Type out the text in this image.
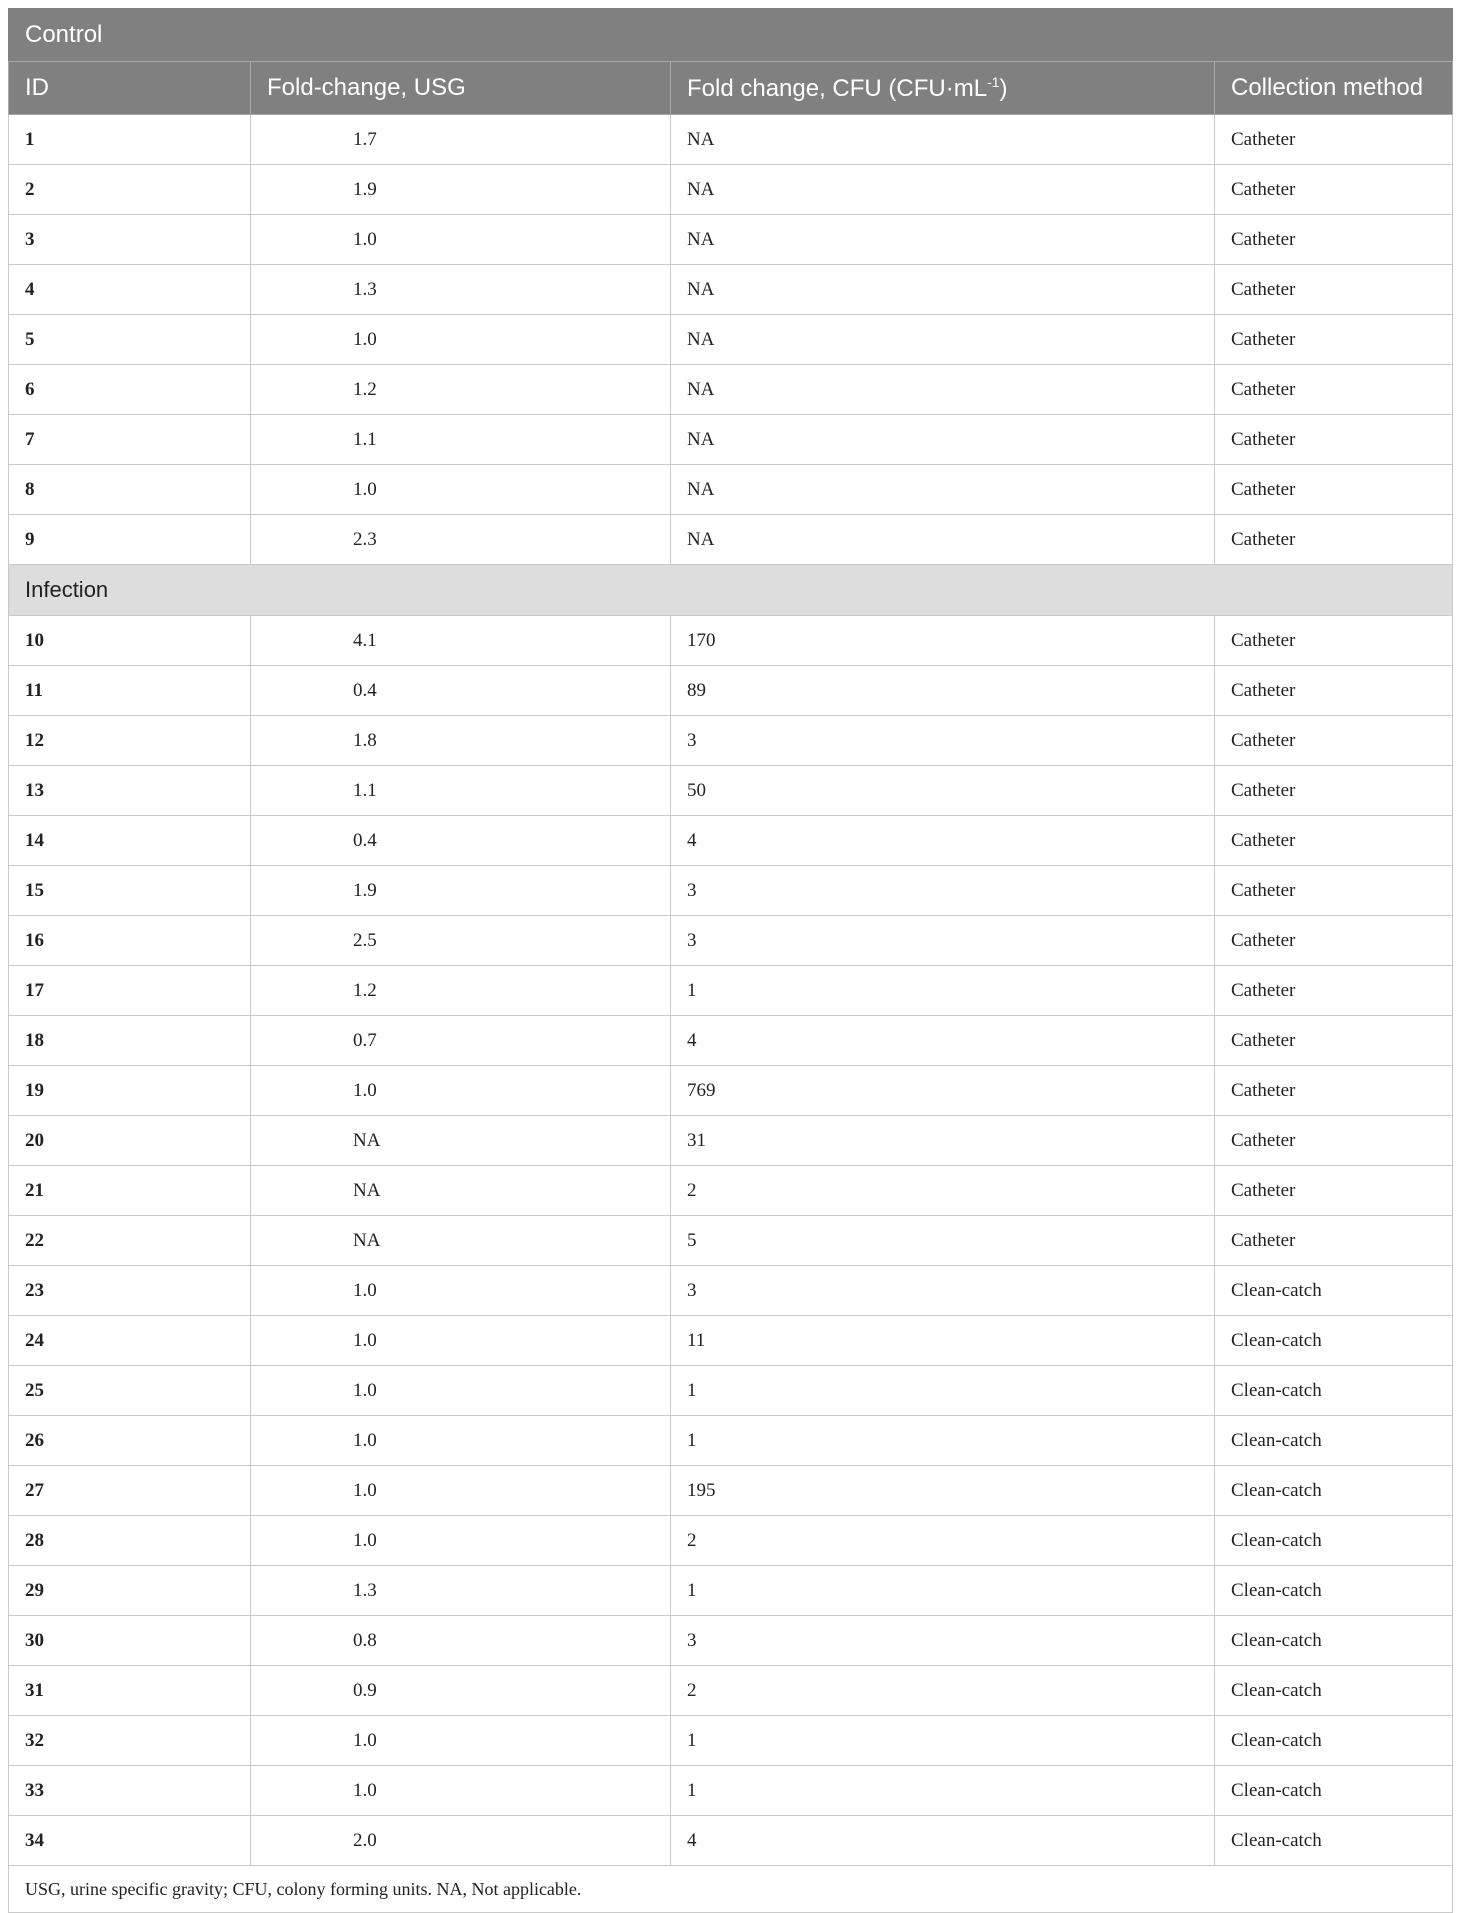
Control			
ID	Fold-change, USG	Fold change, CFU $(CFU\cdot mL^{-1})$	Collection method
1	1.7	NA	Catheter
2	1.9	NA	Catheter
3	1.0	NA	Catheter
4	1.3	NA	Catheter
5	1.0	NA	Catheter
6	1.2	NA	Catheter
7	1.1	NA	Catheter
8	1.0	NA	Catheter
9	2.3	NA	Catheter
Infection			
10	4.1	170	Catheter
11	0.4	89	Catheter
12	1.8	3	Catheter
13	1.1	50	Catheter
14	0.4	4	Catheter
15	1.9	3	Catheter
16	2.5	3	Catheter
17	1.2	1	Catheter
18	0.7	4	Catheter
19	1.0	769	Catheter
20	NA	31	Catheter
21	NA	2	Catheter
22	NA	5	Catheter
23	1.0	3	Clean-catch
24	1.0	11	Clean-catch
25	1.0	1	Clean-catch
26	1.0	1	Clean-catch
27	1.0	195	Clean-catch
28	1.0	2	Clean-catch
29	1.3	1	Clean-catch
30	0.8	3	Clean-catch
31	0.9	2	Clean-catch
32	1.0	1	Clean-catch
33	1.0	1	Clean-catch
34	2.0	4	Clean-catch
USG, urine specific gravity; CFU, colony forming units. NA, Not applicable.			
